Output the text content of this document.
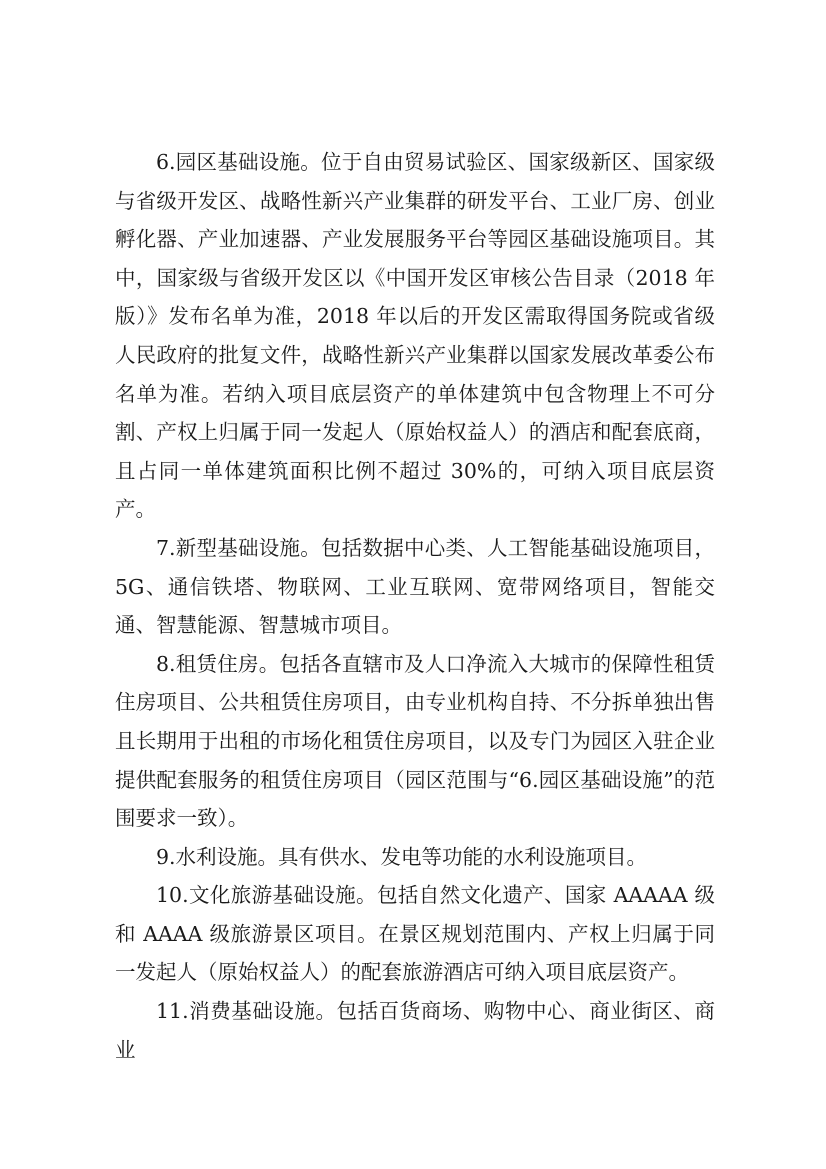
6.园区基础设施。位于自由贸易试验区、国家级新区、国家级与省级开发区、战略性新兴产业集群的研发平台、工业厂房、创业孵化器、产业加速器、产业发展服务平台等园区基础设施项目。其中，国家级与省级开发区以《中国开发区审核公告目录（2018 年版）》发布名单为准，2018 年以后的开发区需取得国务院或省级人民政府的批复文件，战略性新兴产业集群以国家发展改革委公布名单为准。若纳入项目底层资产的单体建筑中包含物理上不可分割、产权上归属于同一发起人（原始权益人）的酒店和配套底商，且占同一单体建筑面积比例不超过 30%的，可纳入项目底层资产。

7.新型基础设施。包括数据中心类、人工智能基础设施项目，5G、通信铁塔、物联网、工业互联网、宽带网络项目，智能交通、智慧能源、智慧城市项目。

8.租赁住房。包括各直辖市及人口净流入大城市的保障性租赁住房项目、公共租赁住房项目，由专业机构自持、不分拆单独出售且长期用于出租的市场化租赁住房项目，以及专门为园区入驻企业提供配套服务的租赁住房项目（园区范围与“6.园区基础设施”的范围要求一致）。

9.水利设施。具有供水、发电等功能的水利设施项目。

10.文化旅游基础设施。包括自然文化遗产、国家 AAAAA 级和 AAAA 级旅游景区项目。在景区规划范围内、产权上归属于同一发起人（原始权益人）的配套旅游酒店可纳入项目底层资产。

11.消费基础设施。包括百货商场、购物中心、商业街区、商业
